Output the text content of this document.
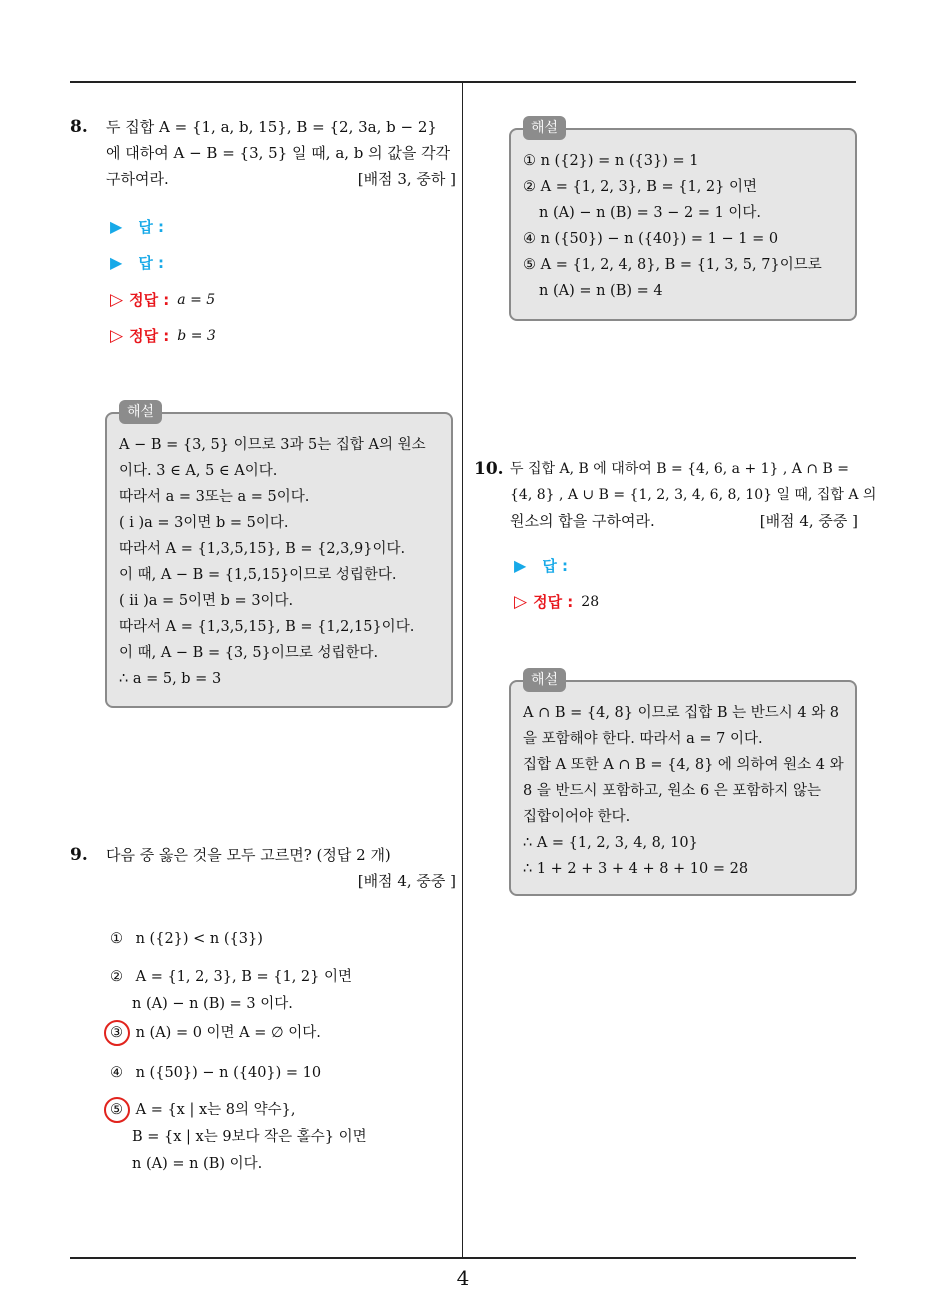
4
8. 두 집합 A = {1, a, b, 15}, B = {2, 3a, b − 2}
에 대하여 A − B = {3, 5} 일 때, a, b 의 값을 각각
구하여라.	[배점 3, 중하 ]
▶ 답 :
▶ 답 :
▷ 정답 : a = 5
▷ 정답 : b = 3
해설
A − B = {3, 5} 이므로 3과 5는 집합 A의 원소
이다. 3 ∈ A, 5 ∈ A이다.
따라서 a = 3또는 a = 5이다.
( i )a = 3이면 b = 5이다.
따라서 A = {1,3,5,15}, B = {2,3,9}이다.
이 때, A − B = {1,5,15}이므로 성립한다.
( ii )a = 5이면 b = 3이다.
따라서 A = {1,3,5,15}, B = {1,2,15}이다.
이 때, A − B = {3, 5}이므로 성립한다.
∴ a = 5, b = 3
9. 다음 중 옳은 것을 모두 고르면? (정답 2 개)
[배점 4, 중중 ]
① n ({2}) < n ({3})
② A = {1, 2, 3}, B = {1, 2} 이면
n (A) − n (B) = 3 이다.
③ n (A) = 0 이면 A = ∅ 이다.
④ n ({50}) − n ({40}) = 10
⑤ A = {x | x는 8의 약수},
B = {x | x는 9보다 작은 홀수} 이면
n (A) = n (B) 이다.
해설
① n ({2}) = n ({3}) = 1
② A = {1, 2, 3}, B = {1, 2} 이면
n (A) − n (B) = 3 − 2 = 1 이다.
④ n ({50}) − n ({40}) = 1 − 1 = 0
⑤ A = {1, 2, 4, 8}, B = {1, 3, 5, 7}이므로
n (A) = n (B) = 4
10. 두 집합 A, B 에 대하여 B = {4, 6, a + 1} , A ∩ B =
{4, 8} , A ∪ B = {1, 2, 3, 4, 6, 8, 10} 일 때, 집합 A 의
원소의 합을 구하여라.	[배점 4, 중중 ]
▶ 답 :
▷ 정답 : 28
해설
A ∩ B = {4, 8} 이므로 집합 B 는 반드시 4 와 8
을 포함해야 한다. 따라서 a = 7 이다.
집합 A 또한 A ∩ B = {4, 8} 에 의하여 원소 4 와
8 을 반드시 포함하고, 원소 6 은 포함하지 않는
집합이어야 한다.
∴ A = {1, 2, 3, 4, 8, 10}
∴ 1 + 2 + 3 + 4 + 8 + 10 = 28
